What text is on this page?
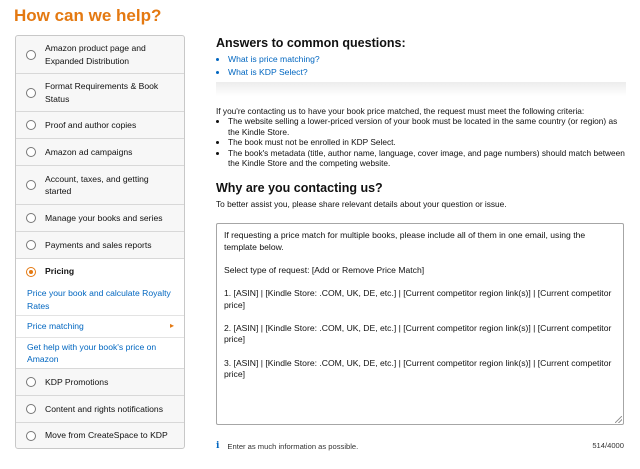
How can we help?
Amazon product page and Expanded Distribution
Format Requirements & Book Status
Proof and author copies
Amazon ad campaigns
Account, taxes, and getting started
Manage your books and series
Payments and sales reports
Pricing
Price your book and calculate Royalty Rates
Price matching	▸
Get help with your book's price on Amazon
KDP Promotions
Content and rights notifications
Move from CreateSpace to KDP
Answers to common questions:
• What is price matching?
• What is KDP Select?
If you're contacting us to have your book price matched, the request must meet the following criteria:
• The website selling a lower-priced version of your book must be located in the same country (or region) as the Kindle Store.
• The book must not be enrolled in KDP Select.
• The book's metadata (title, author name, language, cover image, and page numbers) should match between the Kindle Store and the competing website.
Why are you contacting us?
To better assist you, please share relevant details about your question or issue.
If requesting a price match for multiple books, please include all of them in one email, using the template below.

Select type of request: [Add or Remove Price Match]

1. [ASIN] | [Kindle Store: .COM, UK, DE, etc.] | [Current competitor region link(s)] | [Current competitor price]

2. [ASIN] | [Kindle Store: .COM, UK, DE, etc.] | [Current competitor region link(s)] | [Current competitor price]

3. [ASIN] | [Kindle Store: .COM, UK, DE, etc.] | [Current competitor region link(s)] | [Current competitor price]
i Enter as much information as possible.	514/4000
